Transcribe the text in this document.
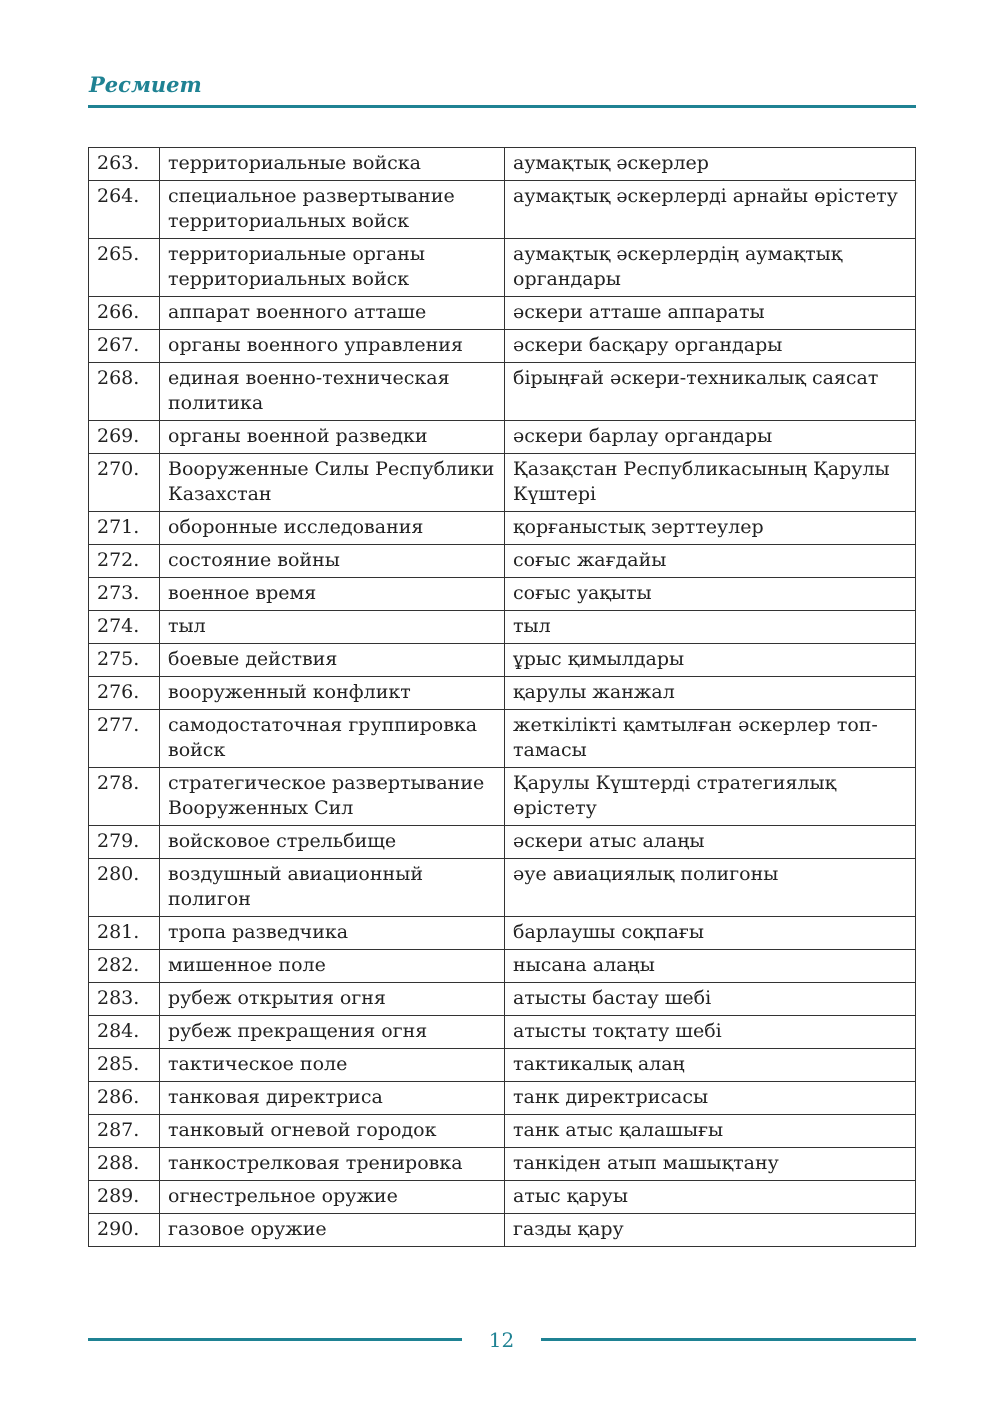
Ресмиет
263.	территориальные войска	аумақтық әскерлер
264.	специальное развертывание территориальных войск	аумақтық әскерлерді арнайы өрістету
265.	территориальные органы территориальных войск	аумақтық әскерлердің аумақтық органдары
266.	аппарат военного атташе	әскери атташе аппараты
267.	органы военного управления	әскери басқару органдары
268.	единая военно-техническая политика	бірыңғай әскери-техникалық саясат
269.	органы военной разведки	әскери барлау органдары
270.	Вооруженные Силы Республики Казахстан	Қазақстан Республикасының Қарулы Күштері
271.	оборонные исследования	қорғаныстық зерттеулер
272.	состояние войны	соғыс жағдайы
273.	военное время	соғыс уақыты
274.	тыл	тыл
275.	боевые действия	ұрыс қимылдары
276.	вооруженный конфликт	қарулы жанжал
277.	самодостаточная группировка войск	жеткілікті қамтылған әскерлер топ-тамасы
278.	стратегическое развертывание Вооруженных Сил	Қарулы Күштерді стратегиялық өрістету
279.	войсковое стрельбище	әскери атыс алаңы
280.	воздушный авиационный полигон	әуе авиациялық полигоны
281.	тропа разведчика	барлаушы соқпағы
282.	мишенное поле	нысана алаңы
283.	рубеж открытия огня	атысты бастау шебі
284.	рубеж прекращения огня	атысты тоқтату шебі
285.	тактическое поле	тактикалық алаң
286.	танковая директриса	танк директрисасы
287.	танковый огневой городок	танк атыс қалашығы
288.	танкострелковая тренировка	танкіден атып машықтану
289.	огнестрельное оружие	атыс қаруы
290.	газовое оружие	газды қару
12
